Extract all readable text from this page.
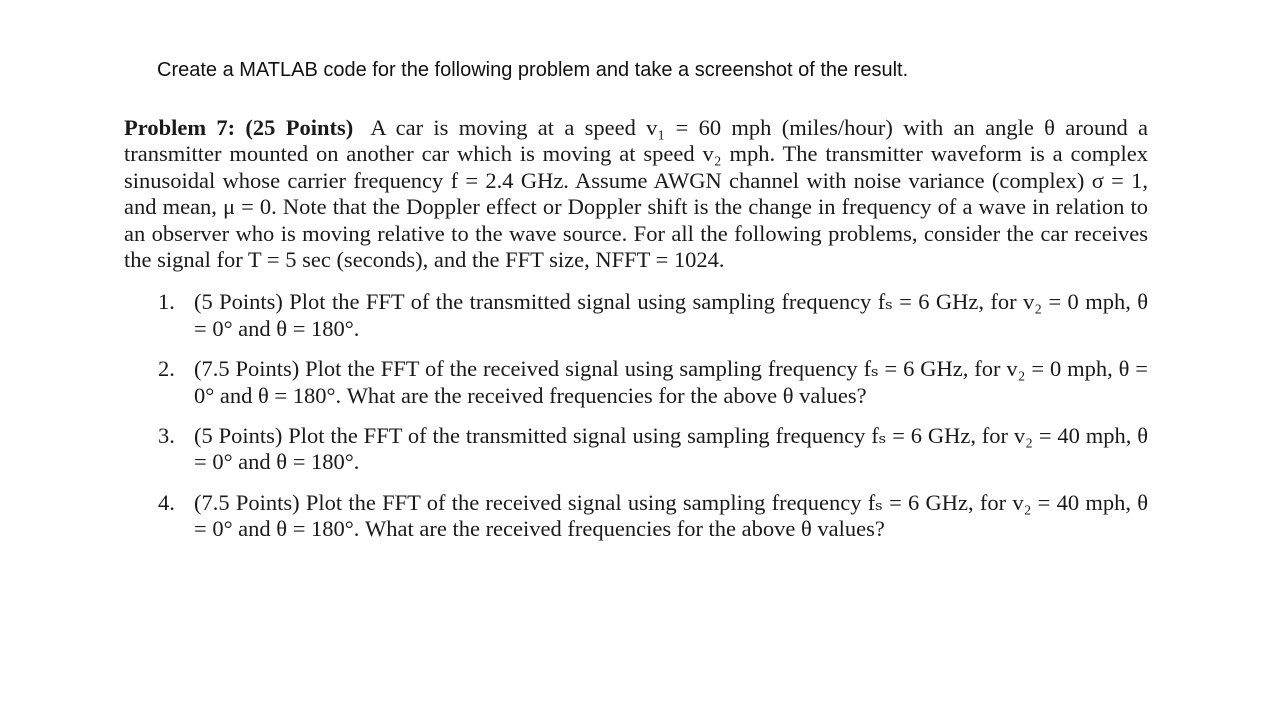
Create a MATLAB code for the following problem and take a screenshot of the result.

Problem 7: (25 Points) A car is moving at a speed v₁ = 60 mph (miles/hour) with an angle θ around a transmitter mounted on another car which is moving at speed v₂ mph. The transmitter waveform is a complex sinusoidal whose carrier frequency f = 2.4 GHz. Assume AWGN channel with noise variance (complex) σ = 1, and mean, μ = 0. Note that the Doppler effect or Doppler shift is the change in frequency of a wave in relation to an observer who is moving relative to the wave source. For all the following problems, consider the car receives the signal for T = 5 sec (seconds), and the FFT size, NFFT = 1024.

1. (5 Points) Plot the FFT of the transmitted signal using sampling frequency fₛ = 6 GHz, for v₂ = 0 mph, θ = 0° and θ = 180°.
2. (7.5 Points) Plot the FFT of the received signal using sampling frequency fₛ = 6 GHz, for v₂ = 0 mph, θ = 0° and θ = 180°. What are the received frequencies for the above θ values?
3. (5 Points) Plot the FFT of the transmitted signal using sampling frequency fₛ = 6 GHz, for v₂ = 40 mph, θ = 0° and θ = 180°.
4. (7.5 Points) Plot the FFT of the received signal using sampling frequency fₛ = 6 GHz, for v₂ = 40 mph, θ = 0° and θ = 180°. What are the received frequencies for the above θ values?
